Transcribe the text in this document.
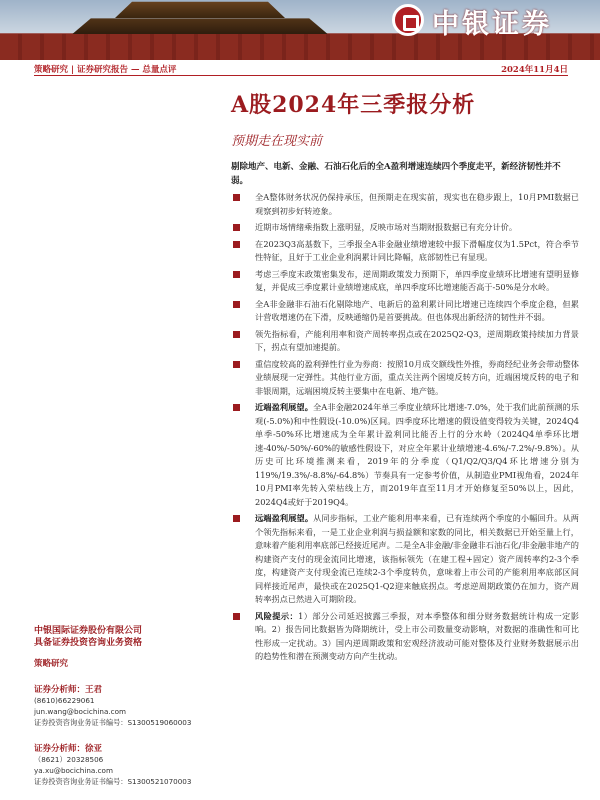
中银证券
策略研究 | 证券研究报告 — 总量点评	2024年11月4日
A股2024年三季报分析
预期走在现实前
剔除地产、电新、金融、石油石化后的全A盈利增速连续四个季度走平，新经济韧性并不弱。
全A整体财务状况仍保持承压，但预期走在现实前，现实也在稳步跟上，10月PMI数据已观察到初步好转迹象。
近期市场情绪乘指数上涨明显，反映市场对当期财报数据已有充分计价。
在2023Q3高基数下，三季报全A非金融业绩增速较中报下滑幅度仅为1.5Pct，符合季节性特征，且好于工业企业利润累计同比降幅，底部韧性已有显现。
考虑三季度末政策密集发布，逆周期政策发力预期下，单四季度业绩环比增速有望明显修复，并促成三季度累计业绩增速成底，单四季度环比增速能否高于-50%是分水岭。
全A非金融非石油石化剔除地产、电新后的盈利累计同比增速已连续四个季度企稳，但累计营收增速仍在下滑，反映通缩仍是首要挑战。但也体现出新经济的韧性并不弱。
领先指标看，产能利用率和资产周转率拐点或在2025Q2-Q3，逆周期政策持续加力背景下，拐点有望加速提前。
重信度较高的盈利弹性行业为券商：按照10月成交额线性外推，券商经纪业务会带动整体业绩展现一定弹性。其他行业方面，重点关注两个困境反转方向，近端困境反转的电子和非银周期，远端困境反转主要集中在电新、地产链。
近端盈利展望。全A非金融2024年单三季度业绩环比增速-7.0%，处于我们此前预测的乐观(-5.0%)和中性假设(-10.0%)区间。四季度环比增速的假设值变得较为关键，2024Q4单季-50%环比增速成为全年累计盈利同比能否上行的分水岭（2024Q4单季环比增速-40%/-50%/-60%的敏感性假设下，对应全年累计业绩增速-4.6%/-7.2%/-9.8%）。从历史可比环境推测来看，2019年的分季度（Q1/Q2/Q3/Q4环比增速分别为119%/19.3%/-8.8%/-64.8%）节奏具有一定参考价值，从制造业PMI视角看，2024年10月PMI率先转入荣枯线上方，而2019年直至11月才开始修复至50%以上，因此，2024Q4或好于2019Q4。
远端盈利展望。从同步指标，工业产能利用率来看，已有连续两个季度的小幅回升。从两个领先指标来看，一是工业企业利润与损益额和家数的同比，相关数据已开始至量上行，意味着产能利用率底部已经接近尾声。二是全A非金融/非金融非石油石化/非金融非地产的构建资产支付的现金流同比增速，该指标领先（在建工程+固定）资产周转率约2-3个季度，构建资产支付现金流已连续2-3个季度转负，意味着上市公司的产能利用率底部区间同样接近尾声，最快或在2025Q1-Q2迎来触底拐点。考虑逆周期政策仍在加力，资产周转率拐点已然进入可期阶段。
风险提示：1）部分公司延迟披露三季报，对本季整体和细分财务数据统计构成一定影响。2）报告同比数据皆为降期统计，受上市公司数量变动影响，对数据的准确性和可比性形成一定扰动。3）国内逆周期政策和宏观经济波动可能对整体及行业财务数据展示出的趋势性和潜在预测变动方向产生扰动。
中银国际证券股份有限公司
具备证券投资咨询业务资格
策略研究
证券分析师：王君
(8610)66229061
jun.wang@bocichina.com
证券投资咨询业务证书编号：S1300519060003
证券分析师：徐亚
（8621）20328506
ya.xu@bocichina.com
证券投资咨询业务证书编号：S1300521070003
